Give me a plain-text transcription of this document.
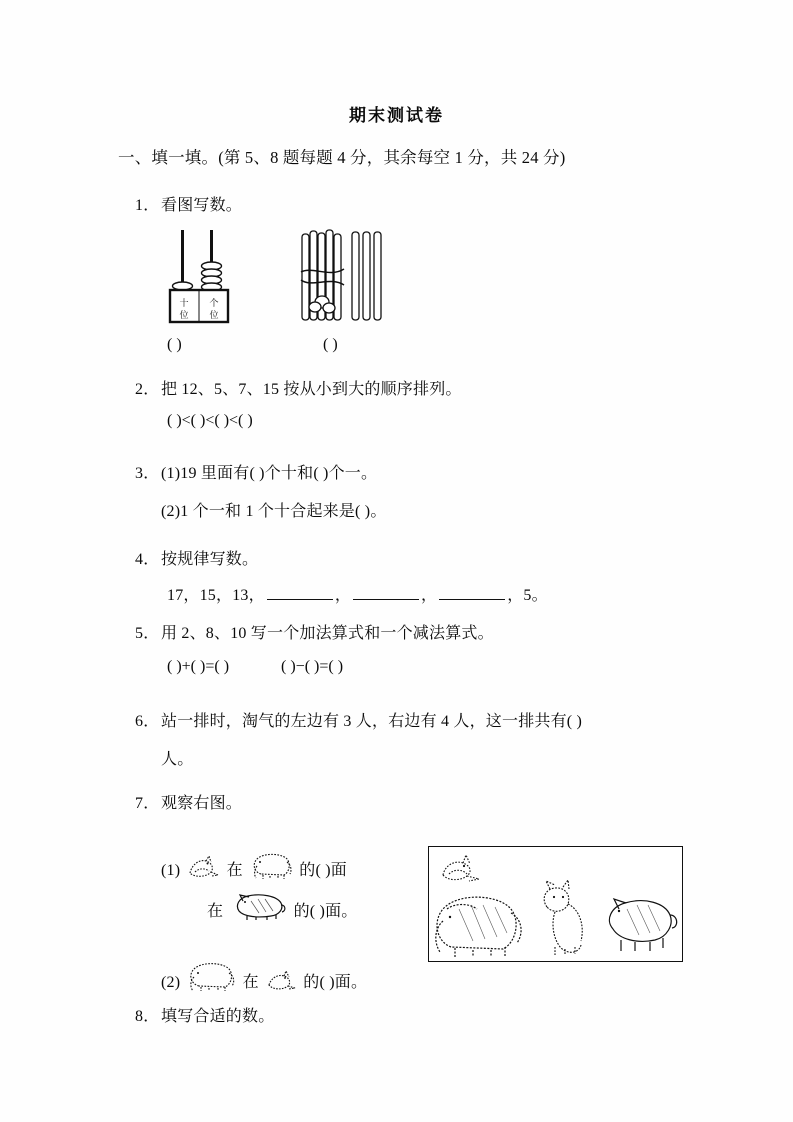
期末测试卷
一、填一填。(第 5、8 题每题 4 分，其余每空 1 分，共 24 分)
1．看图写数。
十
位
个
位
( )	( )
2．把 12、5、7、15 按从小到大的顺序排列。
( )<( )<( )<( )
3．(1)19 里面有( )个十和( )个一。
(2)1 个一和 1 个十合起来是( )。
4．按规律写数。
17，15，13，	，	，	，5。
5．用 2、8、10 写一个加法算式和一个减法算式。
( )+( )=( )	( )−( )=( )
6．站一排时，淘气的左边有 3 人，右边有 4 人，这一排共有( )
人。
7．观察右图。
(1)	在	的( )面
在	的( )面。
(2)	在	的( )面。
8．填写合适的数。
